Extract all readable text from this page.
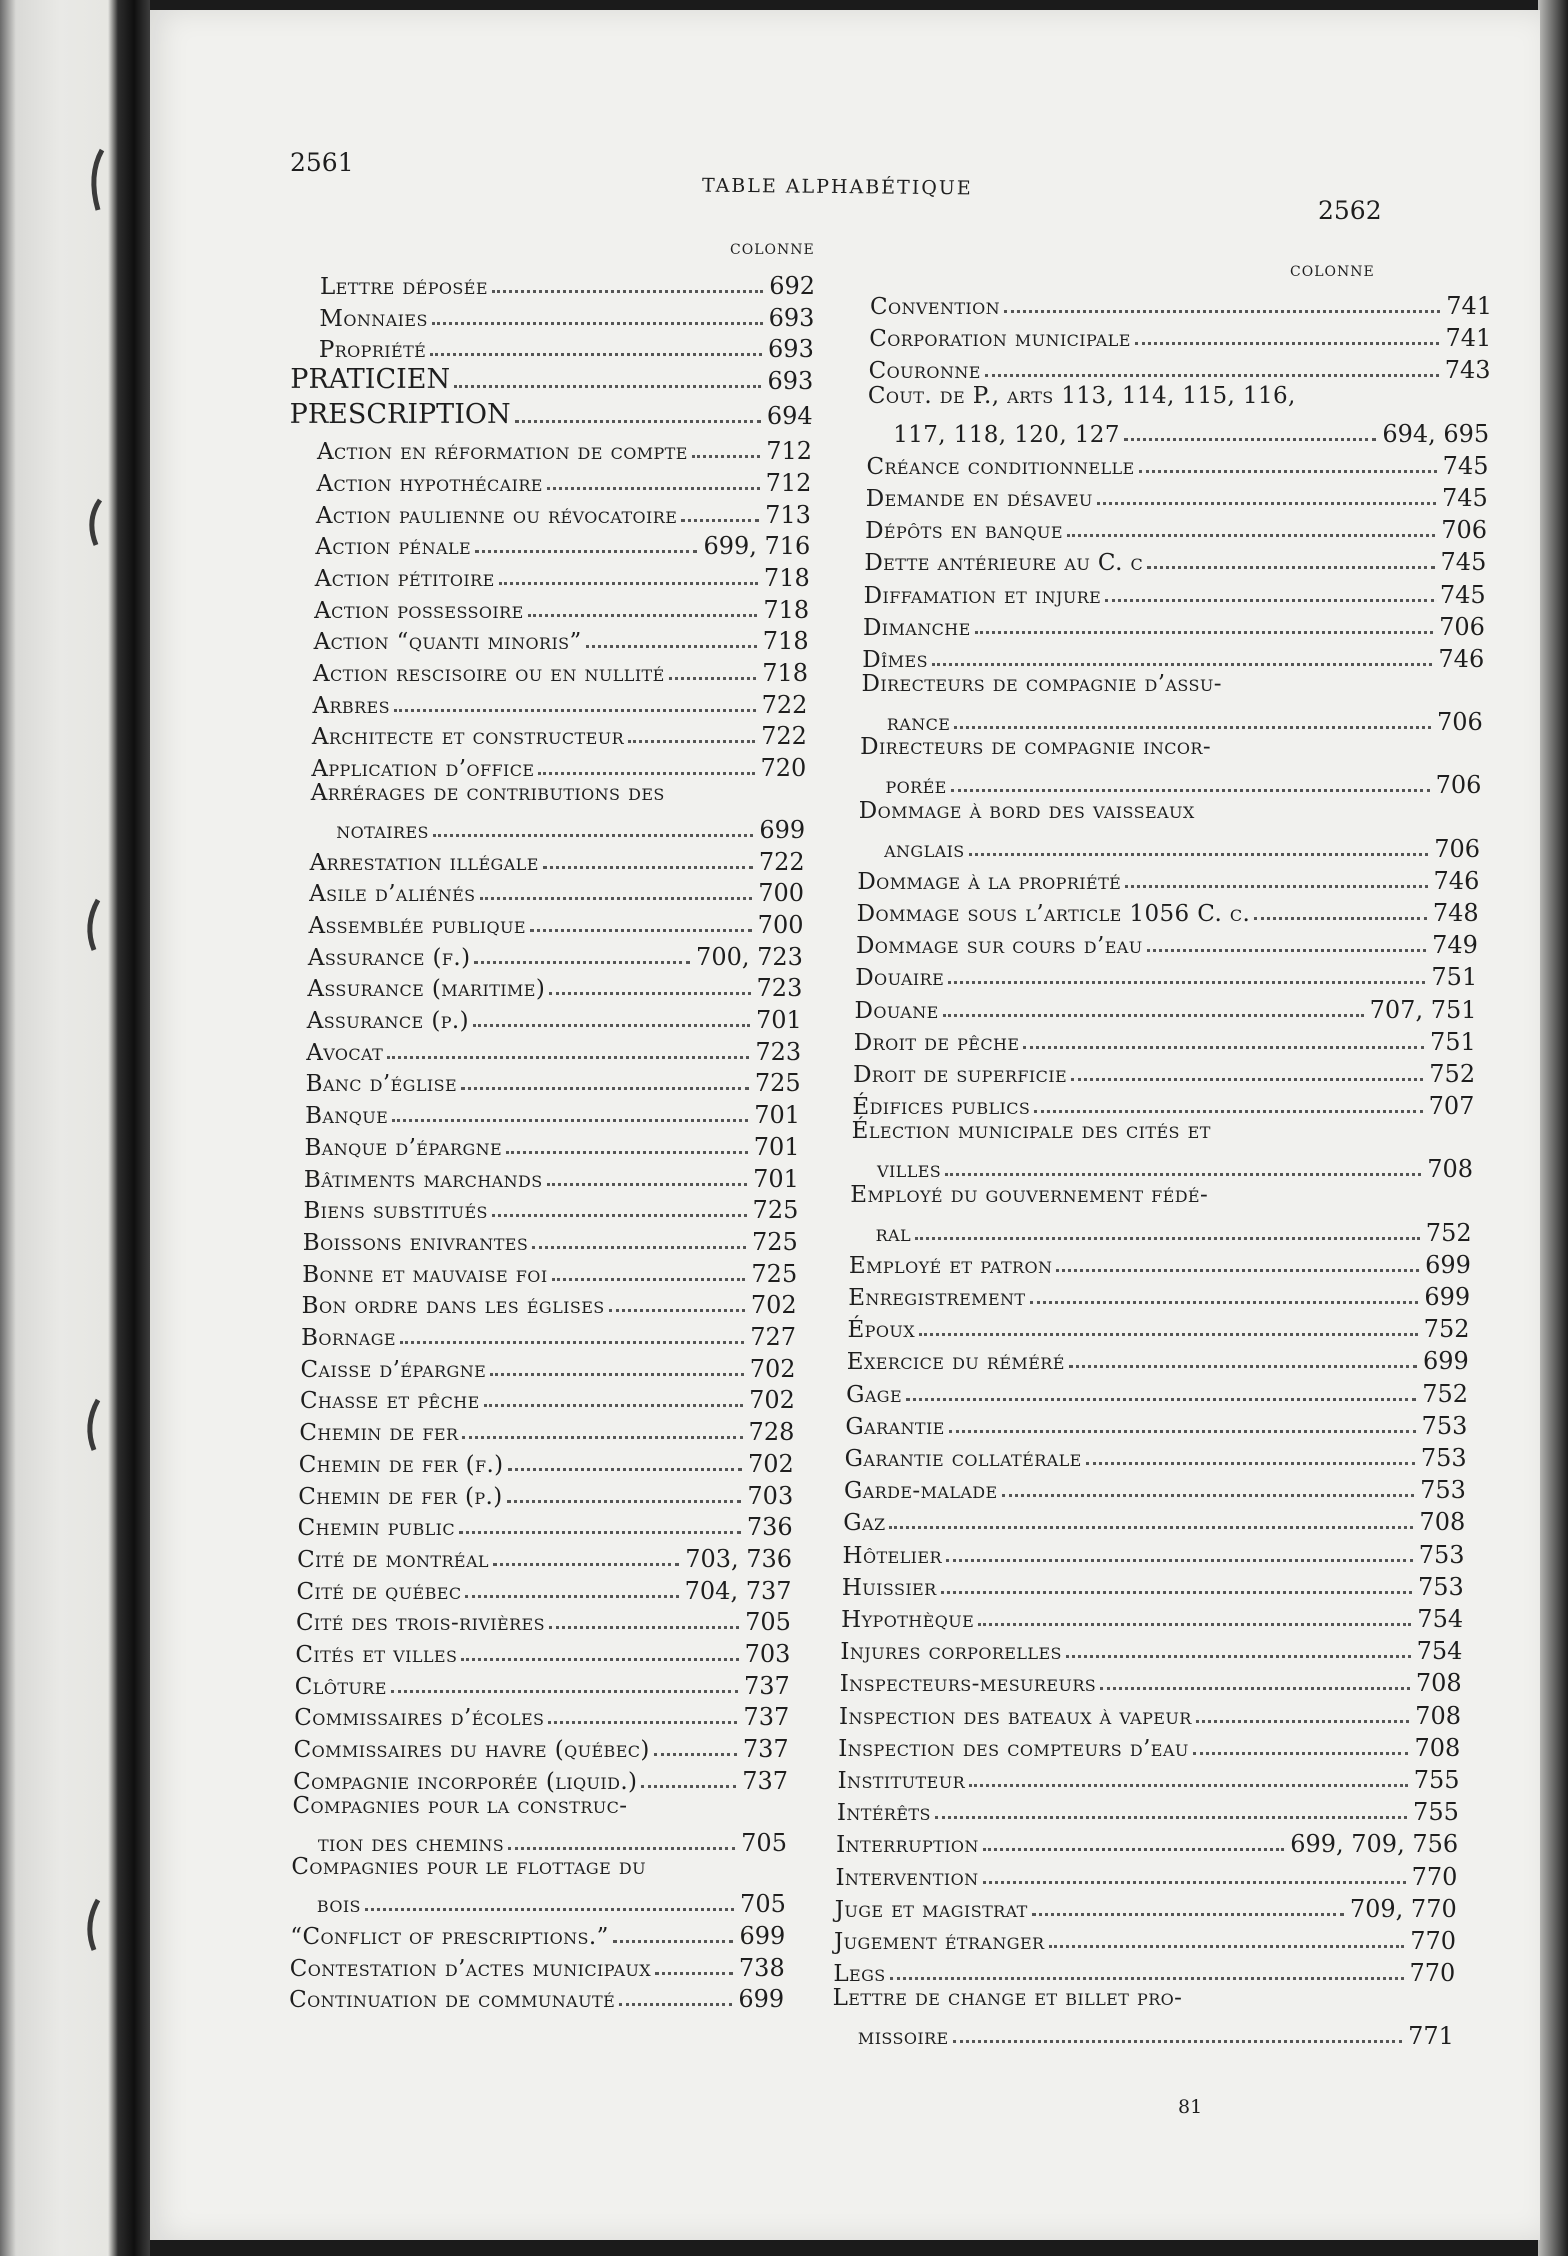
2561
TABLE ALPHABÉTIQUE
2562
COLONNE
COLONNE
Lettre déposée	692
Monnaies	693
Propriété	693
PRATICIEN	693
PRESCRIPTION	694
Action en réformation de compte	712
Action hypothécaire	712
Action paulienne ou révocatoire	713
Action pénale	699, 716
Action pétitoire	718
Action possessoire	718
Action “quanti minoris”	718
Action rescisoire ou en nullité	718
Arbres	722
Architecte et constructeur	722
Application d’office	720
Arrérages de contributions des
notaires	699
Arrestation illégale	722
Asile d’aliénés	700
Assemblée publique	700
Assurance (f.)	700, 723
Assurance (maritime)	723
Assurance (p.)	701
Avocat	723
Banc d’église	725
Banque	701
Banque d’épargne	701
Bâtiments marchands	701
Biens substitués	725
Boissons enivrantes	725
Bonne et mauvaise foi	725
Bon ordre dans les églises	702
Bornage	727
Caisse d’épargne	702
Chasse et pêche	702
Chemin de fer	728
Chemin de fer (f.)	702
Chemin de fer (p.)	703
Chemin public	736
Cité de montréal	703, 736
Cité de québec	704, 737
Cité des trois-rivières	705
Cités et villes	703
Clôture	737
Commissaires d’écoles	737
Commissaires du havre (québec)	737
Compagnie incorporée (liquid.)	737
Compagnies pour la construc-
tion des chemins	705
Compagnies pour le flottage du
bois	705
“Conflict of prescriptions.”	699
Contestation d’actes municipaux	738
Continuation de communauté	699
Convention	741
Corporation municipale	741
Couronne	743
Cout. de P., arts 113, 114, 115, 116,
117, 118, 120, 127	694, 695
Créance conditionnelle	745
Demande en désaveu	745
Dépôts en banque	706
Dette antérieure au C. c	745
Diffamation et injure	745
Dimanche	706
Dîmes	746
Directeurs de compagnie d’assu-
rance	706
Directeurs de compagnie incor-
porée	706
Dommage à bord des vaisseaux
anglais	706
Dommage à la propriété	746
Dommage sous l’article 1056 C. c.	748
Dommage sur cours d’eau	749
Douaire	751
Douane	707, 751
Droit de pêche	751
Droit de superficie	752
Édifices publics	707
Élection municipale des cités et
villes	708
Employé du gouvernement fédé-
ral	752
Employé et patron	699
Enregistrement	699
Époux	752
Exercice du réméré	699
Gage	752
Garantie	753
Garantie collatérale	753
Garde-malade	753
Gaz	708
Hôtelier	753
Huissier	753
Hypothèque	754
Injures corporelles	754
Inspecteurs-mesureurs	708
Inspection des bateaux à vapeur	708
Inspection des compteurs d’eau	708
Instituteur	755
Intérêts	755
Interruption	699, 709, 756
Intervention	770
Juge et magistrat	709, 770
Jugement étranger	770
Legs	770
Lettre de change et billet pro-
missoire	771
81
